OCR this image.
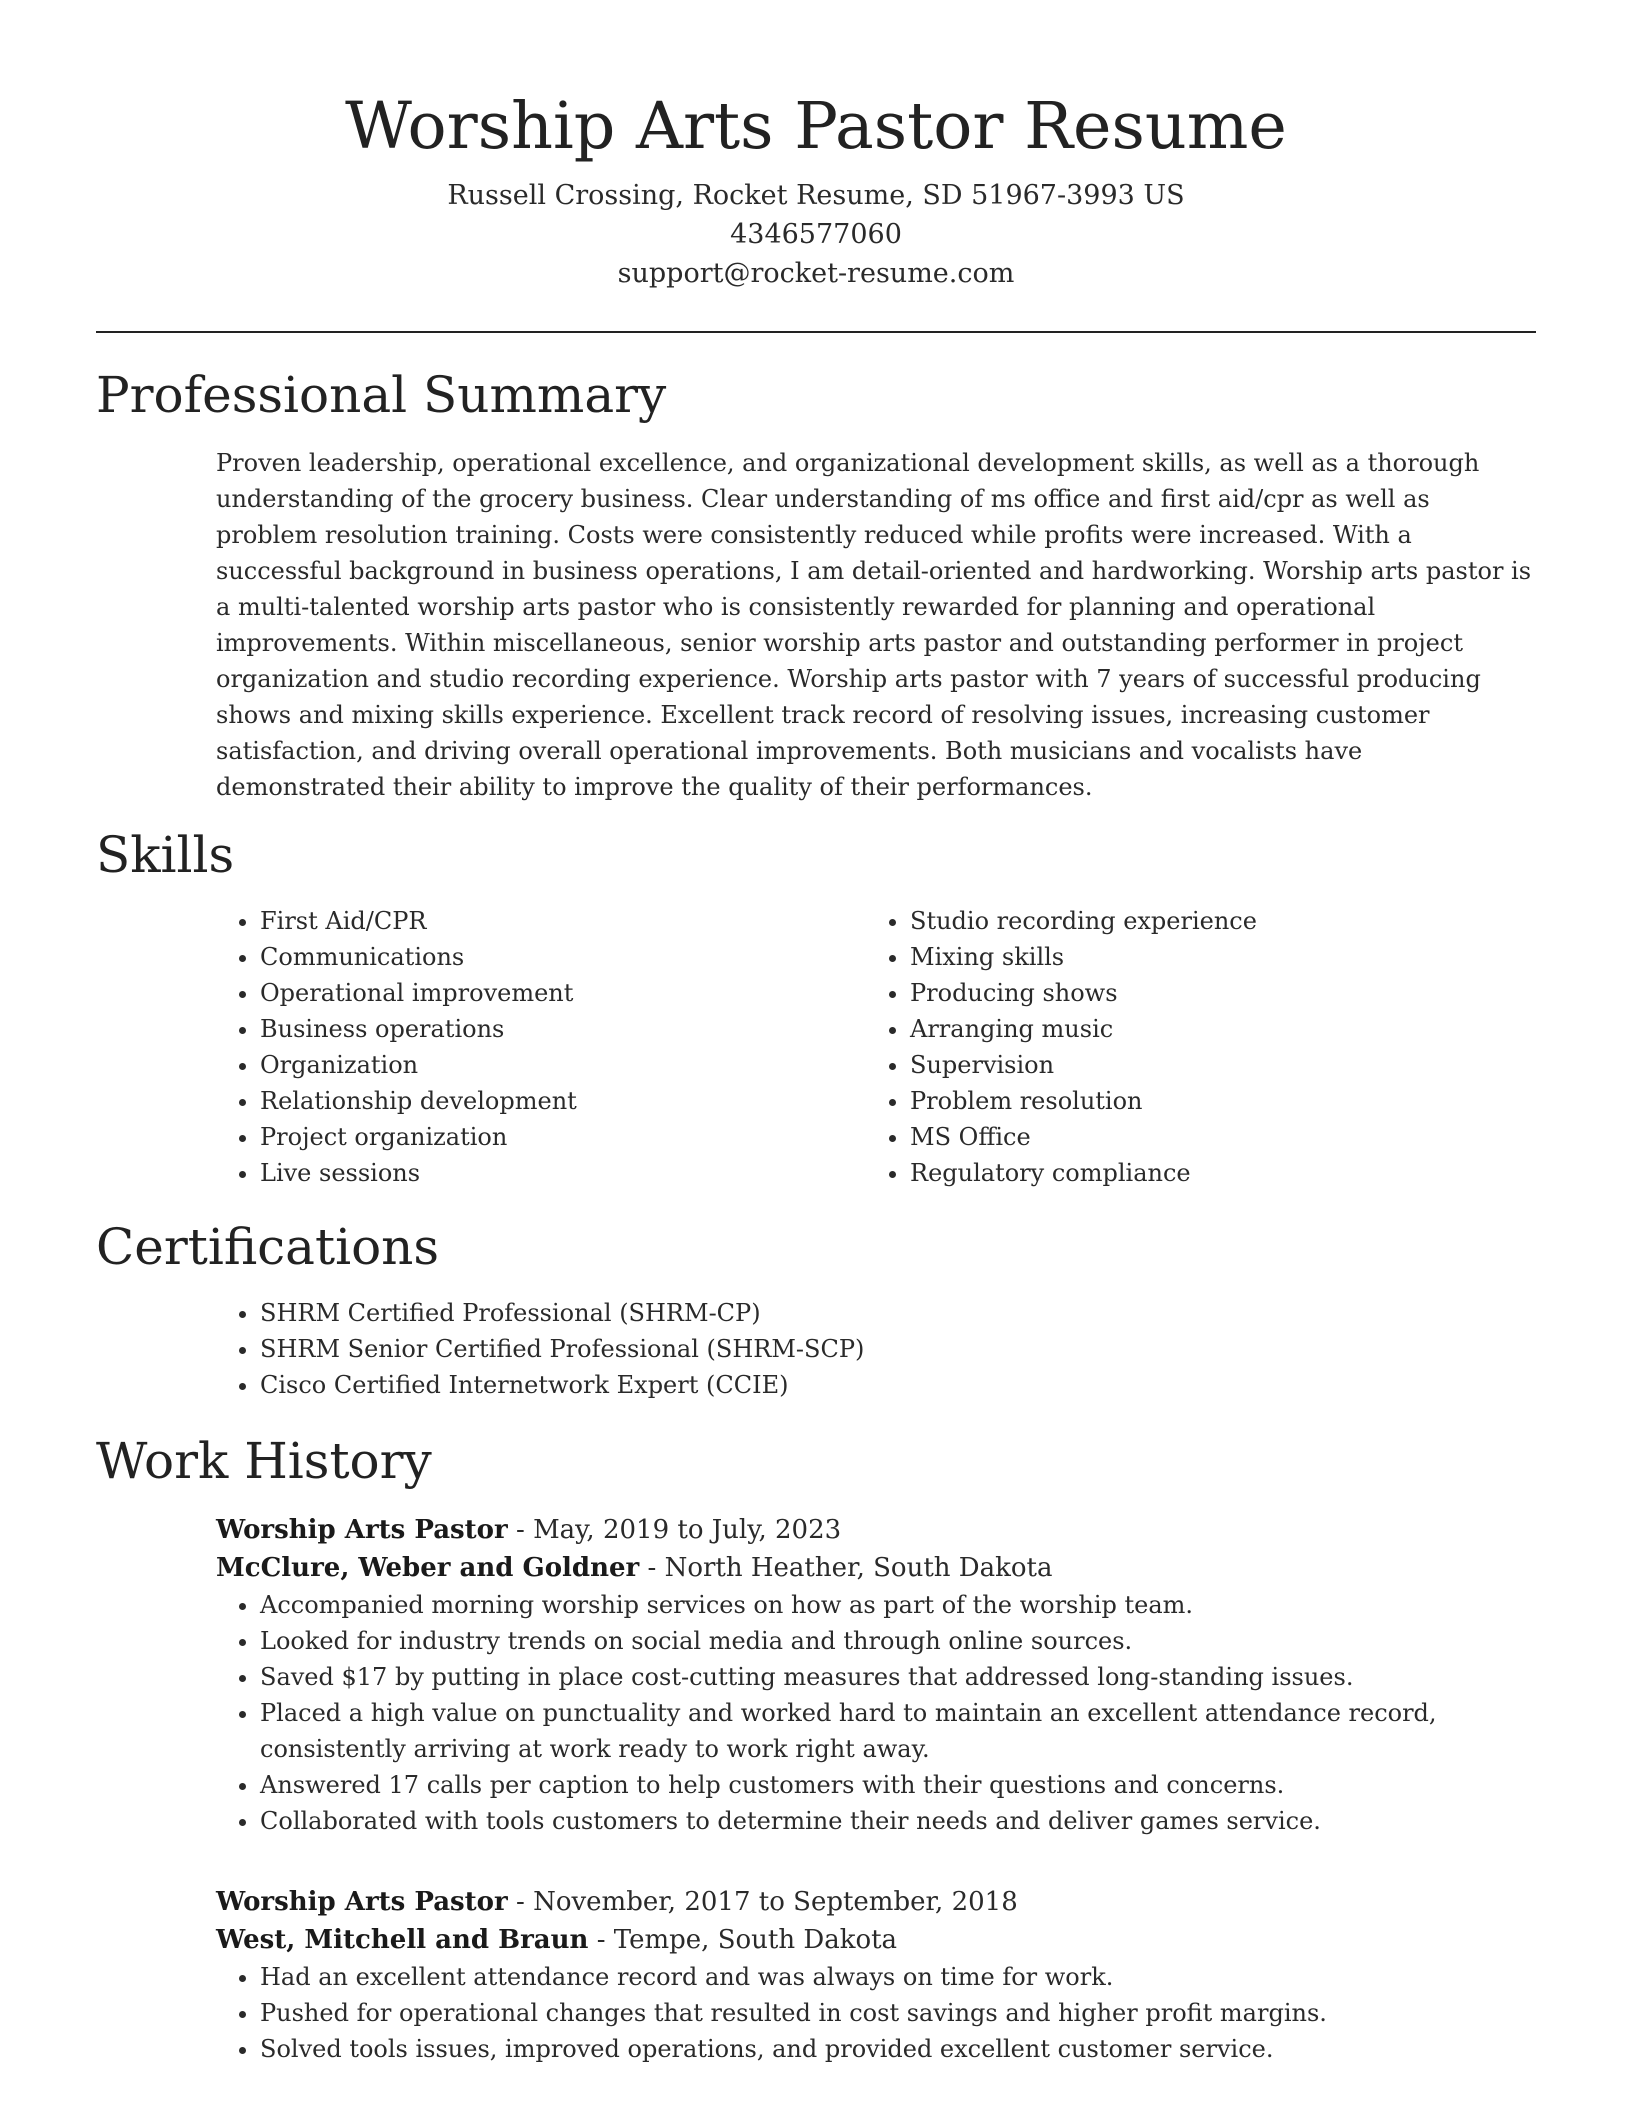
Worship Arts Pastor Resume
Russell Crossing, Rocket Resume, SD 51967-3993 US
4346577060
support@rocket-resume.com
Professional Summary

Proven leadership, operational excellence, and organizational development skills, as well as a thorough understanding of the grocery business. Clear understanding of ms office and first aid/cpr as well as problem resolution training. Costs were consistently reduced while profits were increased. With a successful background in business operations, I am detail-oriented and hardworking. Worship arts pastor is a multi-talented worship arts pastor who is consistently rewarded for planning and operational improvements. Within miscellaneous, senior worship arts pastor and outstanding performer in project organization and studio recording experience. Worship arts pastor with 7 years of successful producing shows and mixing skills experience. Excellent track record of resolving issues, increasing customer satisfaction, and driving overall operational improvements. Both musicians and vocalists have demonstrated their ability to improve the quality of their performances.

Skills
• First Aid/CPR
• Communications
• Operational improvement
• Business operations
• Organization
• Relationship development
• Project organization
• Live sessions
• Studio recording experience
• Mixing skills
• Producing shows
• Arranging music
• Supervision
• Problem resolution
• MS Office
• Regulatory compliance
Certifications
• SHRM Certified Professional (SHRM-CP)
• SHRM Senior Certified Professional (SHRM-SCP)
• Cisco Certified Internetwork Expert (CCIE)
Work History
Worship Arts Pastor - May, 2019 to July, 2023
McClure, Weber and Goldner - North Heather, South Dakota
• Accompanied morning worship services on how as part of the worship team.
• Looked for industry trends on social media and through online sources.
• Saved $17 by putting in place cost-cutting measures that addressed long-standing issues.
• Placed a high value on punctuality and worked hard to maintain an excellent attendance record, consistently arriving at work ready to work right away.
• Answered 17 calls per caption to help customers with their questions and concerns.
• Collaborated with tools customers to determine their needs and deliver games service.
Worship Arts Pastor - November, 2017 to September, 2018
West, Mitchell and Braun - Tempe, South Dakota
• Had an excellent attendance record and was always on time for work.
• Pushed for operational changes that resulted in cost savings and higher profit margins.
• Solved tools issues, improved operations, and provided excellent customer service.
